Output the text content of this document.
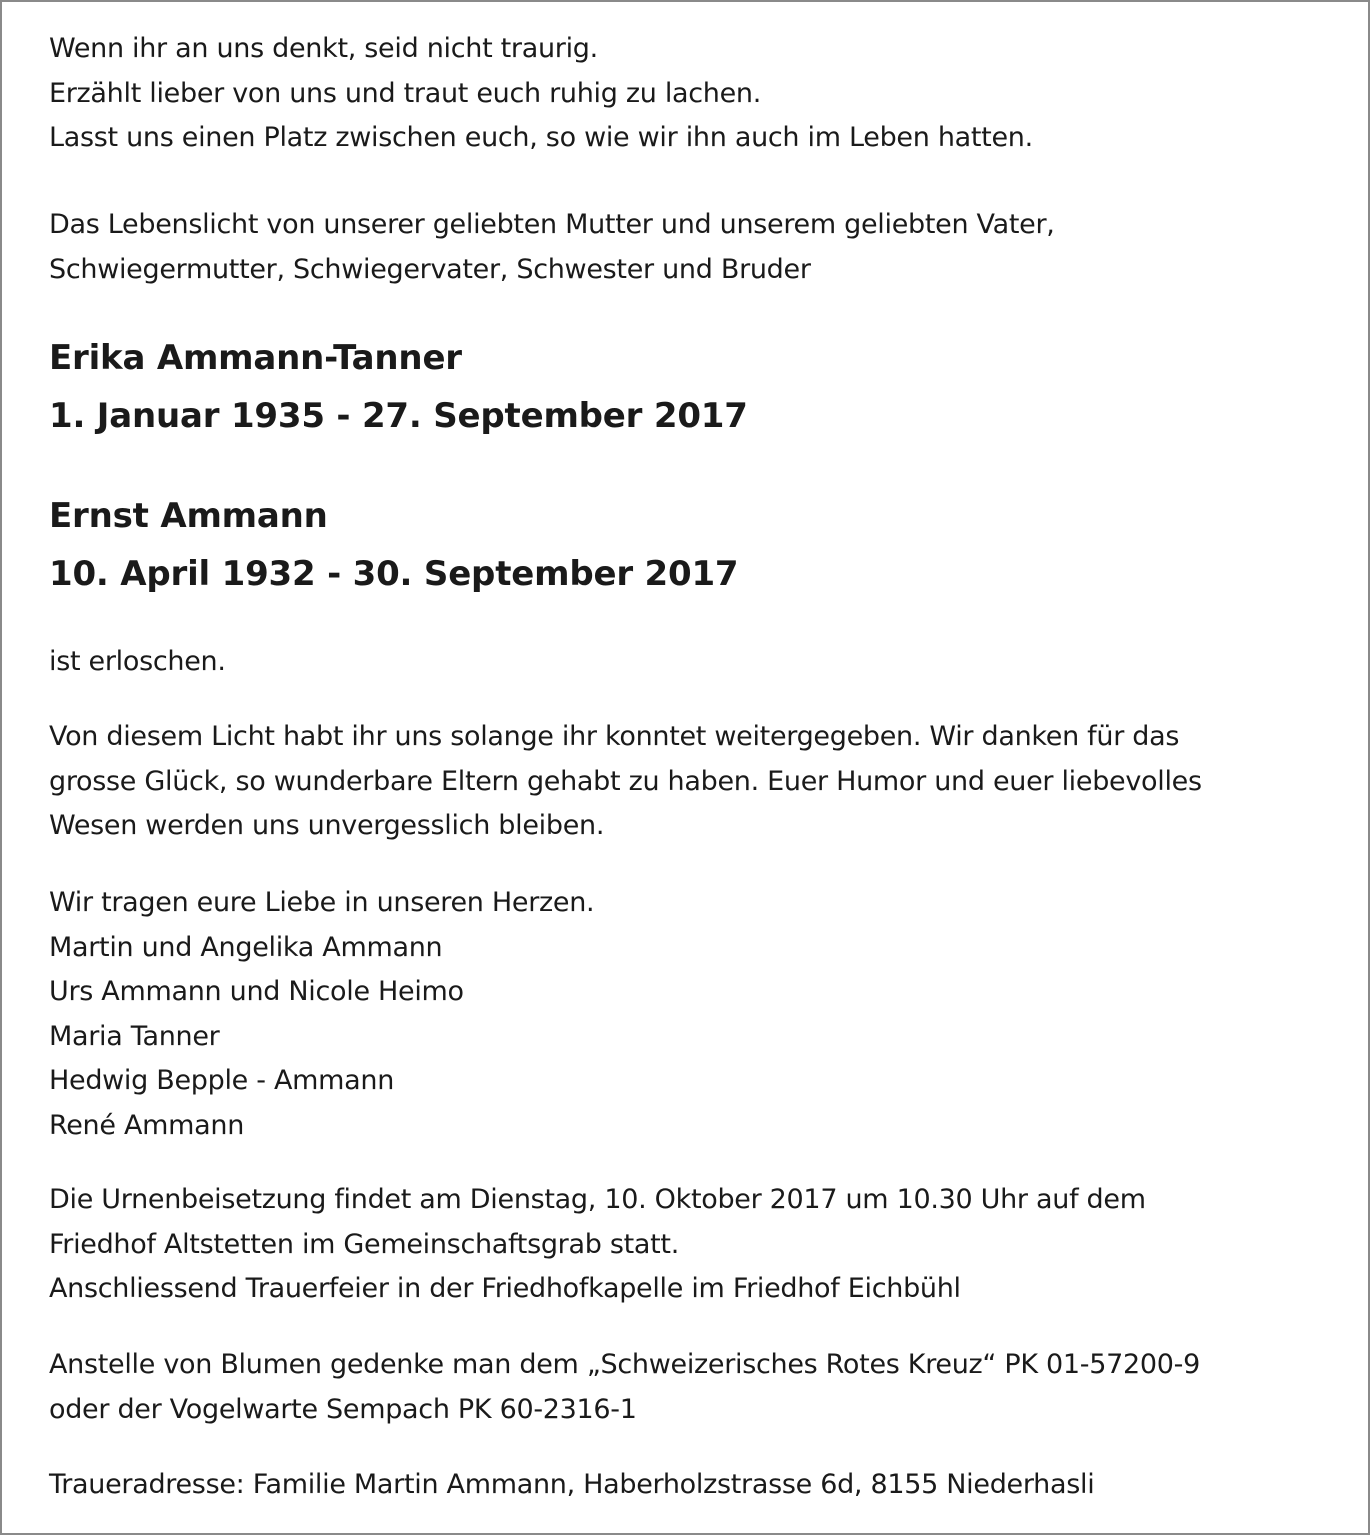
Wenn ihr an uns denkt, seid nicht traurig.
Erzählt lieber von uns und traut euch ruhig zu lachen.
Lasst uns einen Platz zwischen euch, so wie wir ihn auch im Leben hatten.
Das Lebenslicht von unserer geliebten Mutter und unserem geliebten Vater,
Schwiegermutter, Schwiegervater, Schwester und Bruder
Erika Ammann-Tanner
1. Januar 1935 - 27. September 2017
Ernst Ammann
10. April 1932 - 30. September 2017
ist erloschen.
Von diesem Licht habt ihr uns solange ihr konntet weitergegeben. Wir danken für das
grosse Glück, so wunderbare Eltern gehabt zu haben. Euer Humor und euer liebevolles
Wesen werden uns unvergesslich bleiben.
Wir tragen eure Liebe in unseren Herzen.
Martin und Angelika Ammann
Urs Ammann und Nicole Heimo
Maria Tanner
Hedwig Bepple - Ammann
René Ammann
Die Urnenbeisetzung findet am Dienstag, 10. Oktober 2017 um 10.30 Uhr auf dem
Friedhof Altstetten im Gemeinschaftsgrab statt.
Anschliessend Trauerfeier in der Friedhofkapelle im Friedhof Eichbühl
Anstelle von Blumen gedenke man dem „Schweizerisches Rotes Kreuz“ PK 01-57200-9
oder der Vogelwarte Sempach PK 60-2316-1
Traueradresse: Familie Martin Ammann, Haberholzstrasse 6d, 8155 Niederhasli
